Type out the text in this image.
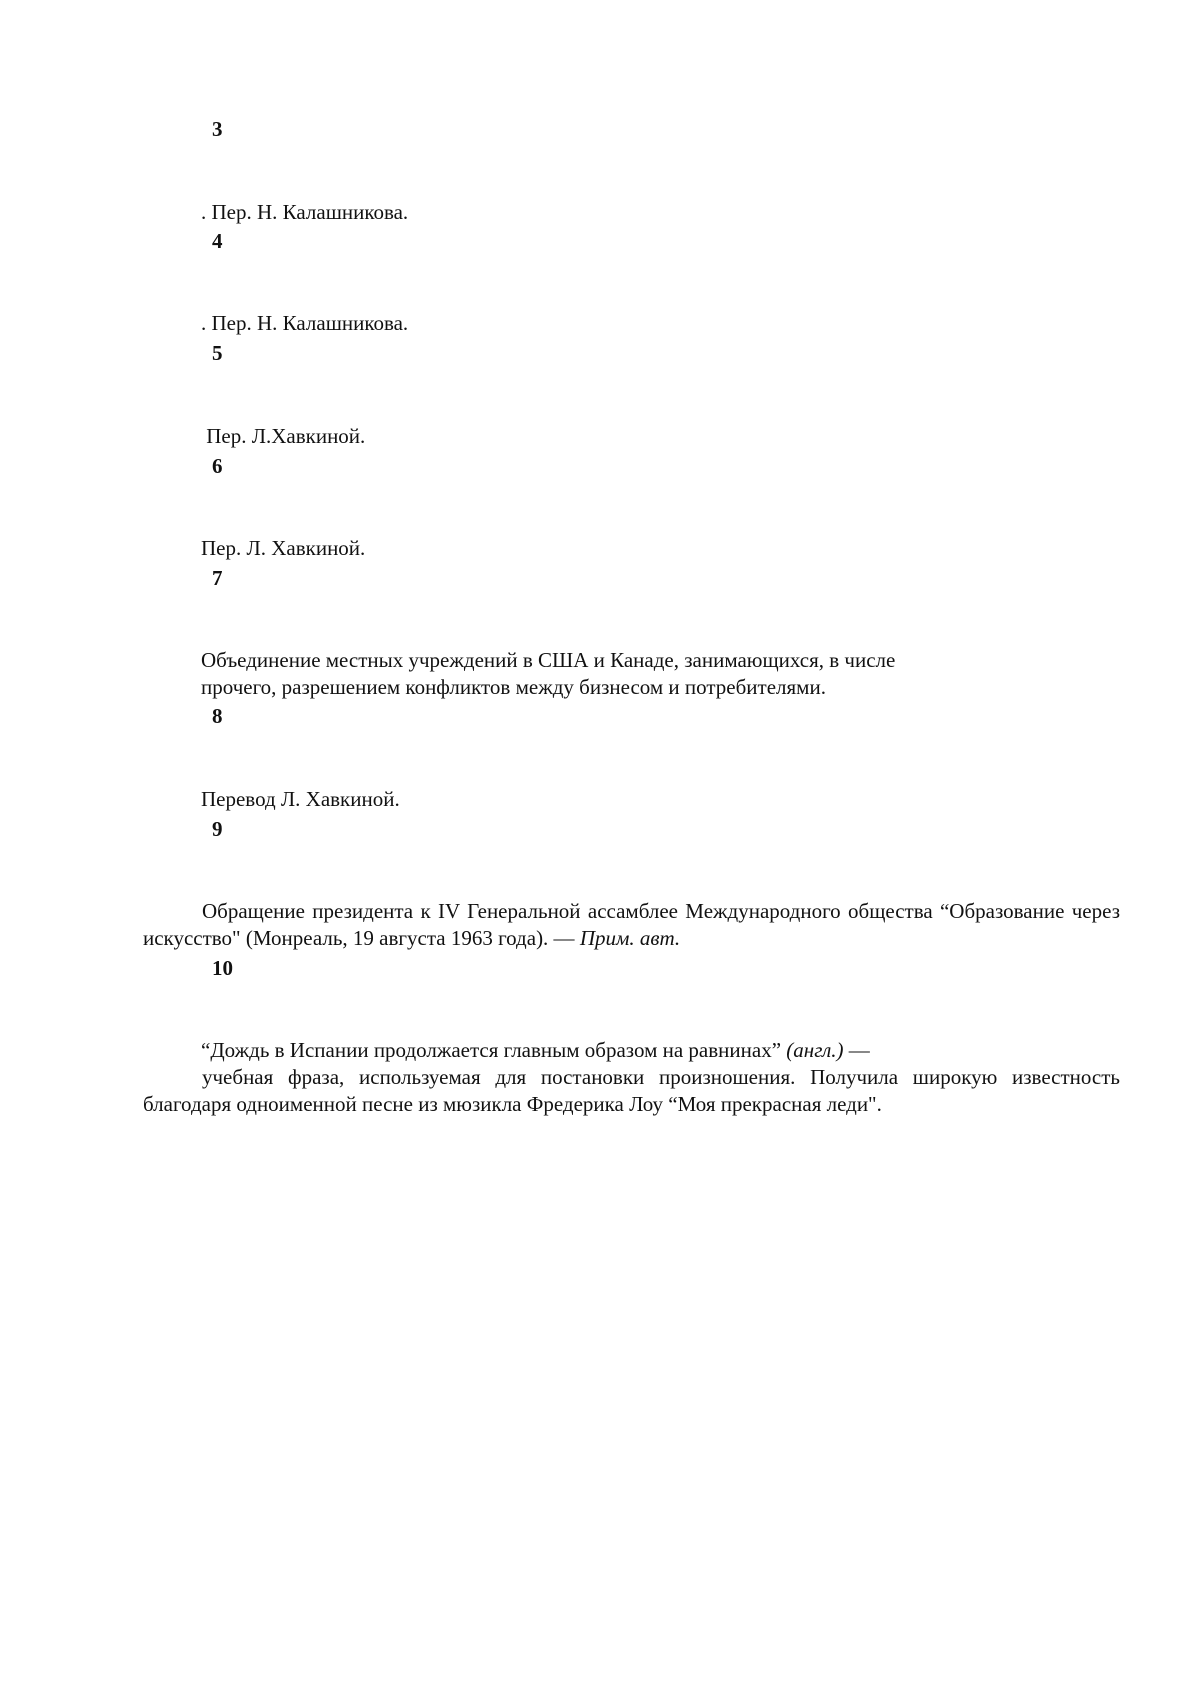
3
. Пер. Н. Калашникова.
4
. Пер. Н. Калашникова.
5
Пер. Л.Хавкиной.
6
Пер. Л. Хавкиной.
7
Объединение местных учреждений в США и Канаде, занимающихся, в числе
прочего, разрешением конфликтов между бизнесом и потребителями.
8
Перевод Л. Хавкиной.
9

Обращение президента к IV Генеральной ассамблее Международного общества “Образование через искусство" (Монреаль, 19 августа 1963 года). — Прим. авт.

10
“Дождь в Испании продолжается главным образом на равнинах” (англ.) —

учебная фраза, используемая для постановки произношения. Получила широкую известность благодаря одноименной песне из мюзикла Фредерика Лоу “Моя прекрасная леди".
